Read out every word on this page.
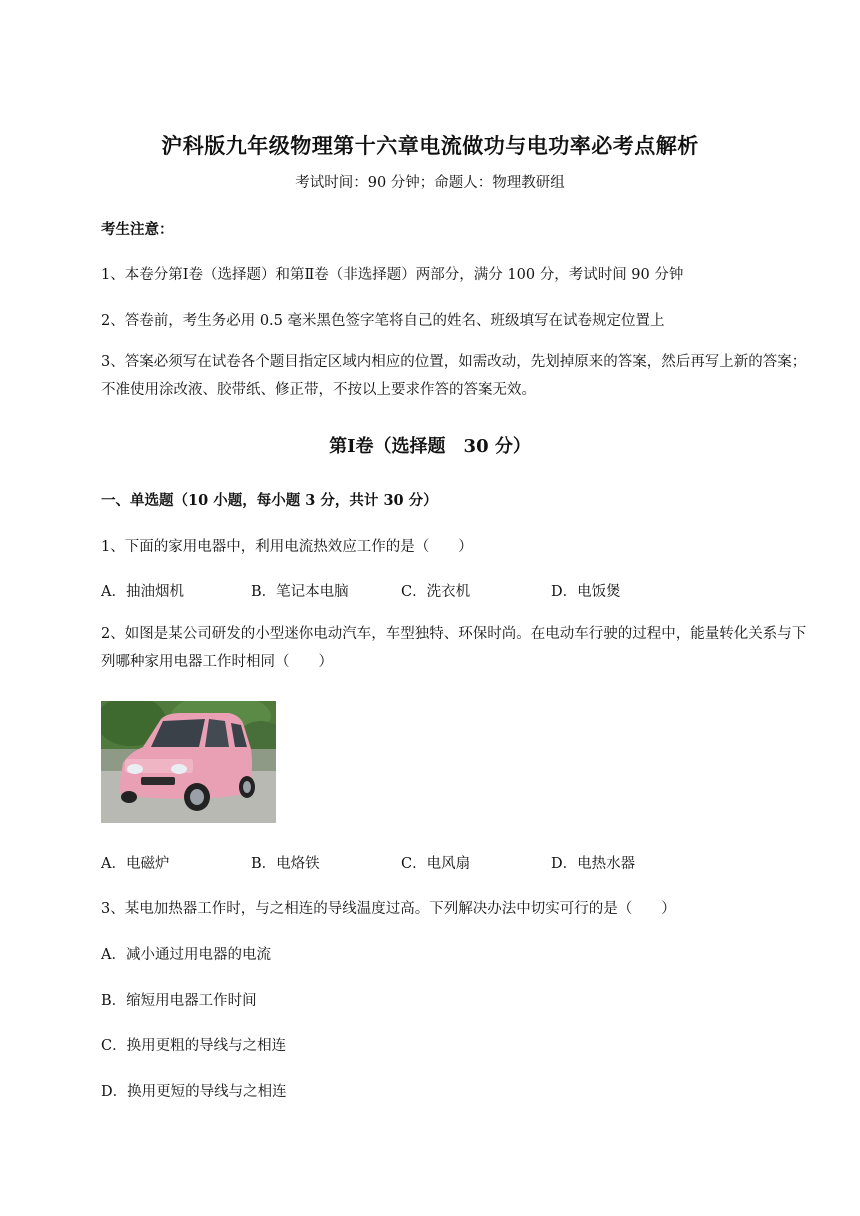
沪科版九年级物理第十六章电流做功与电功率必考点解析
考试时间：90 分钟；命题人：物理教研组
考生注意：
1、本卷分第Ⅰ卷（选择题）和第Ⅱ卷（非选择题）两部分，满分 100 分，考试时间 90 分钟
2、答卷前，考生务必用 0.5 毫米黑色签字笔将自己的姓名、班级填写在试卷规定位置上
3、答案必须写在试卷各个题目指定区域内相应的位置，如需改动，先划掉原来的答案，然后再写上新的答案；不准使用涂改液、胶带纸、修正带，不按以上要求作答的答案无效。
第Ⅰ卷（选择题　30 分）
一、单选题（10 小题，每小题 3 分，共计 30 分）
1、下面的家用电器中，利用电流热效应工作的是（　　）
A．抽油烟机	B．笔记本电脑	C．洗衣机	D．电饭煲
2、如图是某公司研发的小型迷你电动汽车，车型独特、环保时尚。在电动车行驶的过程中，能量转化关系与下列哪种家用电器工作时相同（　　）
A．电磁炉	B．电烙铁	C．电风扇	D．电热水器
3、某电加热器工作时，与之相连的导线温度过高。下列解决办法中切实可行的是（　　）
A．减小通过用电器的电流
B．缩短用电器工作时间
C．换用更粗的导线与之相连
D．换用更短的导线与之相连
